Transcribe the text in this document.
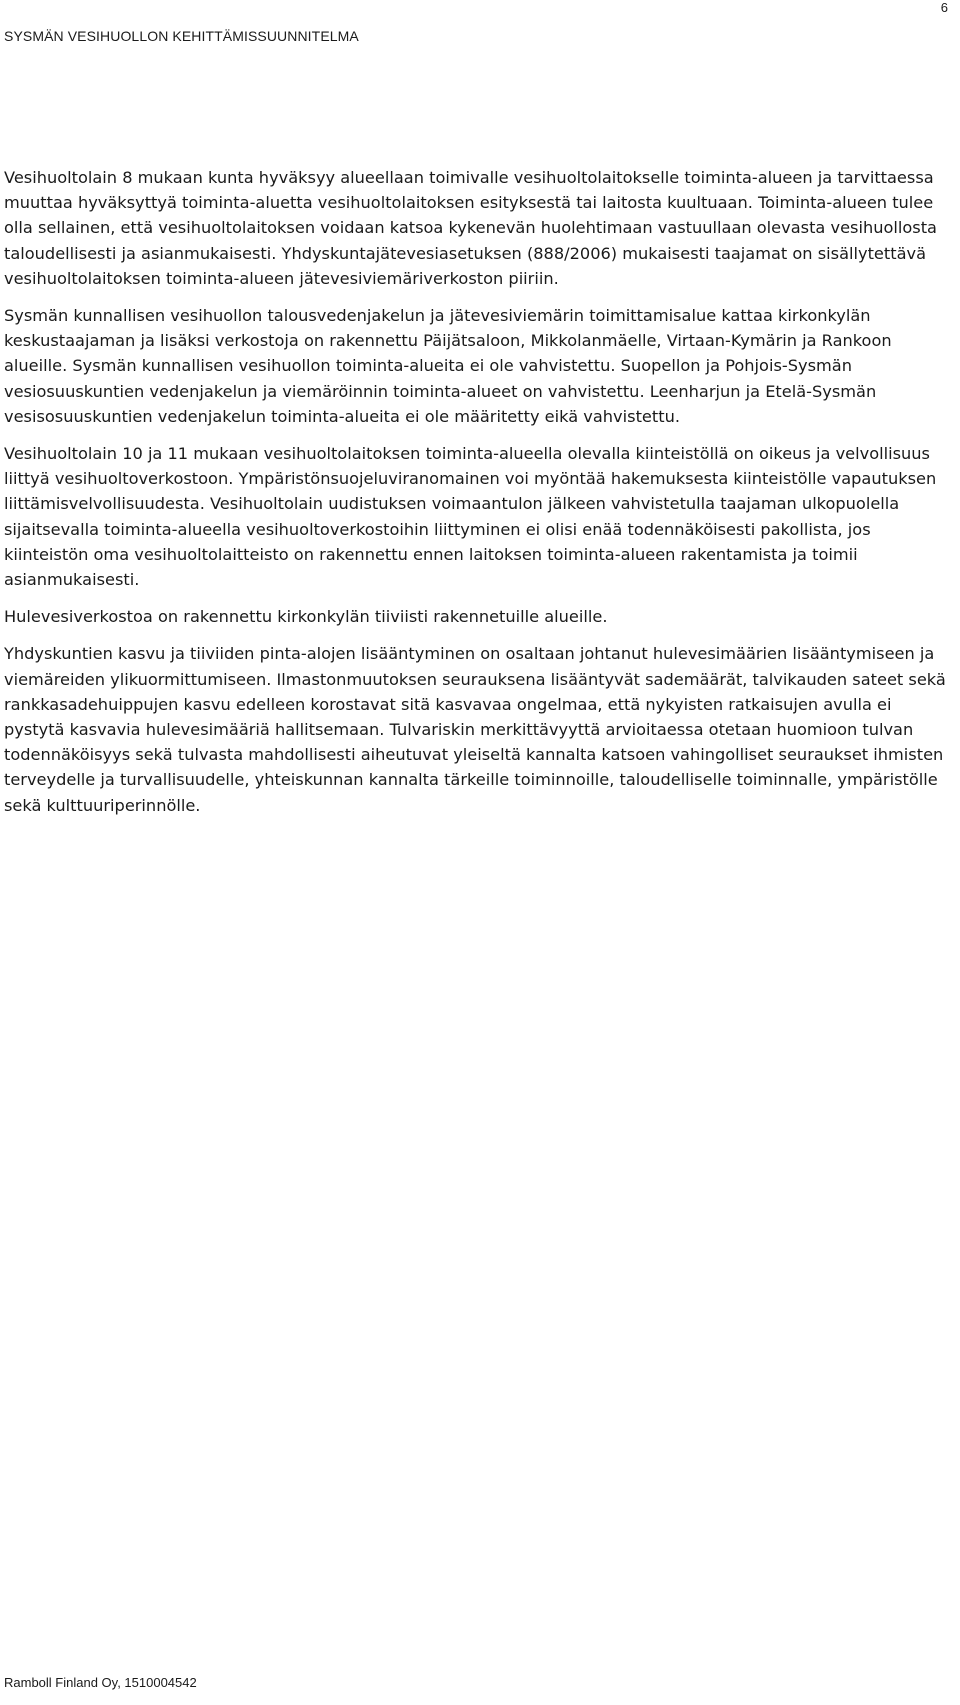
6
SYSMÄN VESIHUOLLON KEHITTÄMISSUUNNITELMA

Vesihuoltolain 8 mukaan kunta hyväksyy alueellaan toimivalle vesihuoltolaitokselle toiminta-alueen ja tarvittaessa muuttaa hyväksyttyä toiminta-aluetta vesihuoltolaitoksen esityksestä tai laitosta kuultuaan. Toiminta-alueen tulee olla sellainen, että vesihuoltolaitoksen voidaan katsoa kykenevän huolehtimaan vastuullaan olevasta vesihuollosta taloudellisesti ja asianmukaisesti. Yhdyskuntajätevesiasetuksen (888/2006) mukaisesti taajamat on sisällytettävä vesihuoltolaitoksen toiminta-alueen jätevesiviemäriverkoston piiriin.

Sysmän kunnallisen vesihuollon talousvedenjakelun ja jätevesiviemärin toimittamisalue kattaa kirkonkylän keskustaajaman ja lisäksi verkostoja on rakennettu Päijätsaloon, Mikkolanmäelle, Virtaan-Kymärin ja Rankoon alueille. Sysmän kunnallisen vesihuollon toiminta-alueita ei ole vahvistettu. Suopellon ja Pohjois-Sysmän vesiosuuskuntien vedenjakelun ja viemäröinnin toiminta-alueet on vahvistettu. Leenharjun ja Etelä-Sysmän vesisosuuskuntien vedenjakelun toiminta-alueita ei ole määritetty eikä vahvistettu.

Vesihuoltolain 10 ja 11 mukaan vesihuoltolaitoksen toiminta-alueella olevalla kiinteistöllä on oikeus ja velvollisuus liittyä vesihuoltoverkostoon. Ympäristönsuojeluviranomainen voi myöntää hakemuksesta kiinteistölle vapautuksen liittämisvelvollisuudesta. Vesihuoltolain uudistuksen voimaantulon jälkeen vahvistetulla taajaman ulkopuolella sijaitsevalla toiminta-alueella vesihuoltoverkostoihin liittyminen ei olisi enää todennäköisesti pakollista, jos kiinteistön oma vesihuoltolaitteisto on rakennettu ennen laitoksen toiminta-alueen rakentamista ja toimii asianmukaisesti.

Hulevesiverkostoa on rakennettu kirkonkylän tiiviisti rakennetuille alueille.

Yhdyskuntien kasvu ja tiiviiden pinta-alojen lisääntyminen on osaltaan johtanut hulevesimäärien lisääntymiseen ja viemäreiden ylikuormittumiseen. Ilmastonmuutoksen seurauksena lisääntyvät sademäärät, talvikauden sateet sekä rankkasadehuippujen kasvu edelleen korostavat sitä kasvavaa ongelmaa, että nykyisten ratkaisujen avulla ei pystytä kasvavia hulevesimääriä hallitsemaan. Tulvariskin merkittävyyttä arvioitaessa otetaan huomioon tulvan todennäköisyys sekä tulvasta mahdollisesti aiheutuvat yleiseltä kannalta katsoen vahingolliset seuraukset ihmisten terveydelle ja turvallisuudelle, yhteiskunnan kannalta tärkeille toiminnoille, taloudelliselle toiminnalle, ympäristölle sekä kulttuuriperinnölle.

Ramboll Finland Oy, 1510004542
